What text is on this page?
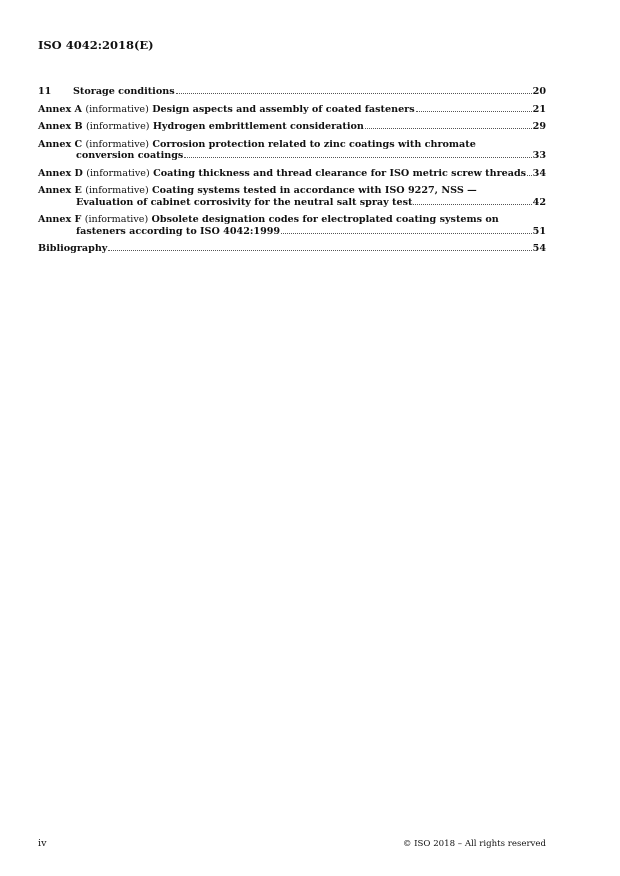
ISO 4042:2018(E)
11 Storage conditions	20
Annex A (informative) Design aspects and assembly of coated fasteners	21
Annex B (informative) Hydrogen embrittlement consideration	29
Annex C (informative) Corrosion protection related to zinc coatings with chromate
conversion coatings	33
Annex D (informative) Coating thickness and thread clearance for ISO metric screw threads 34
Annex E (informative) Coating systems tested in accordance with ISO 9227, NSS —
Evaluation of cabinet corrosivity for the neutral salt spray test	42
Annex F (informative) Obsolete designation codes for electroplated coating systems on
fasteners according to ISO 4042:1999	51
Bibliography	54
iv	© ISO 2018 – All rights reserved
